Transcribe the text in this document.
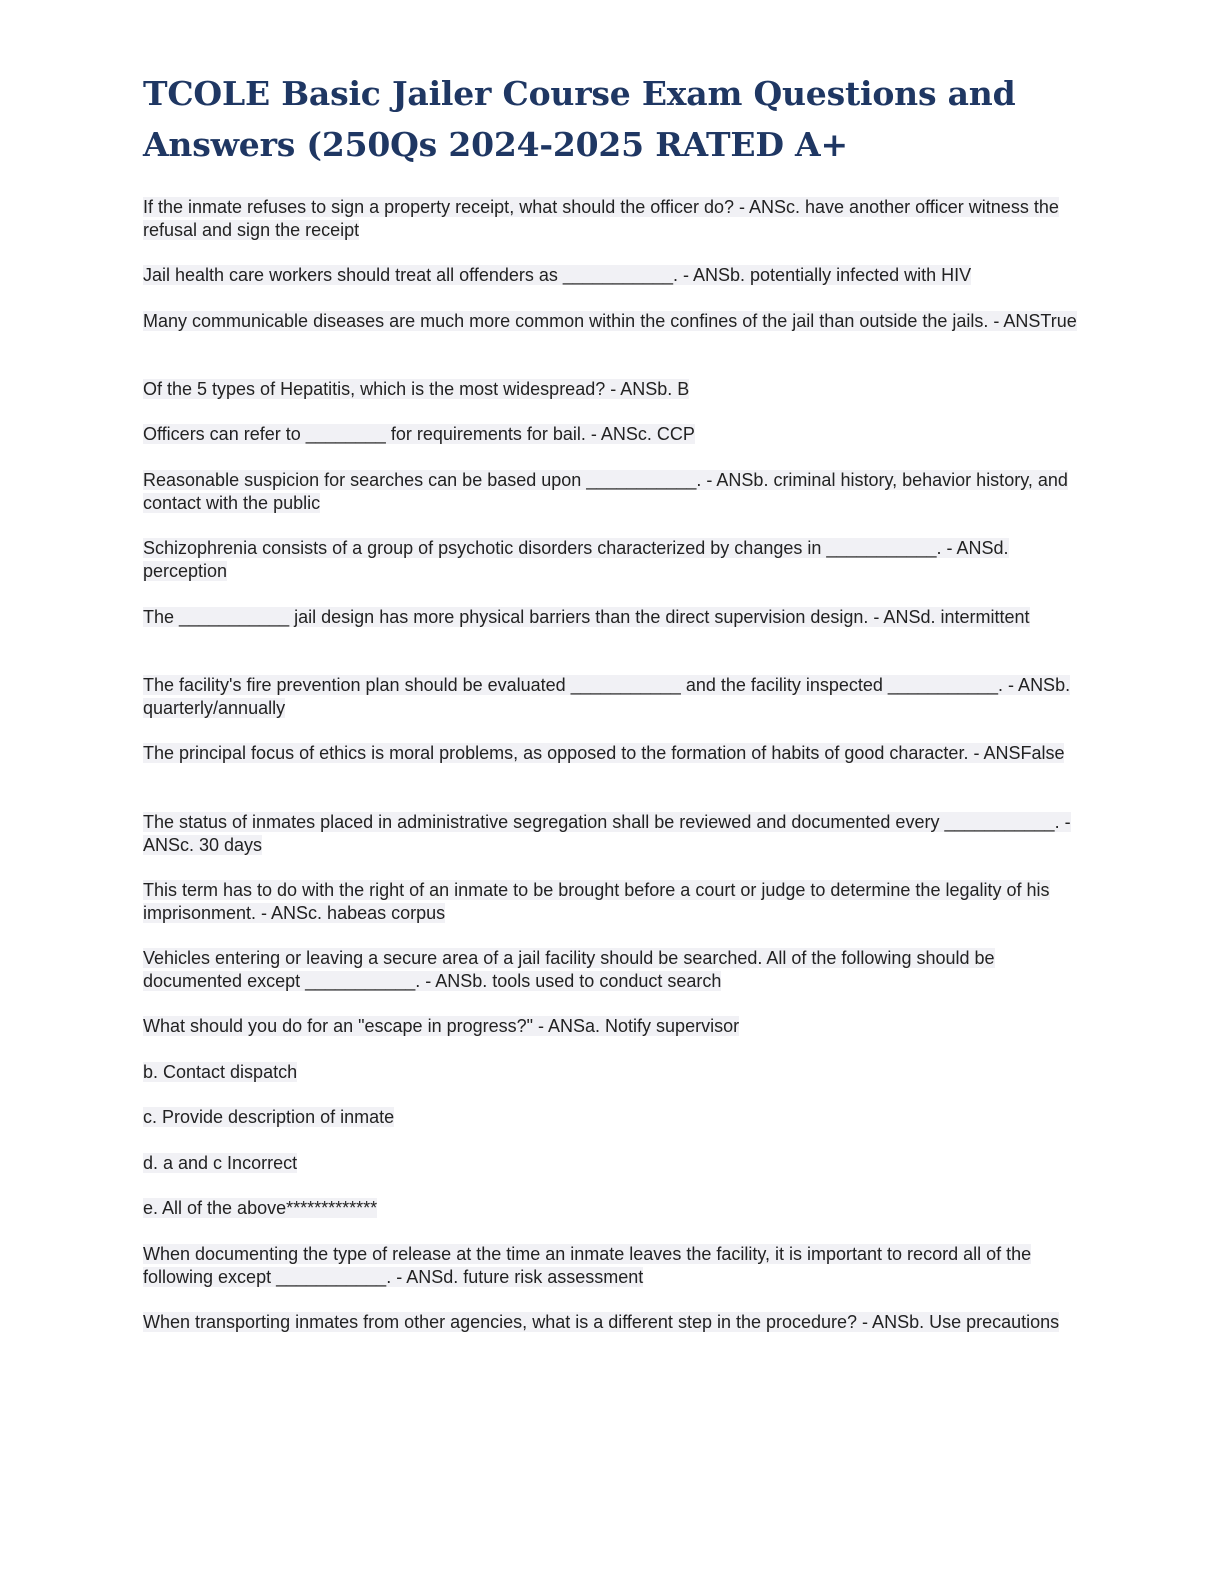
TCOLE Basic Jailer Course Exam Questions and Answers (250Qs 2024-2025 RATED A+

If the inmate refuses to sign a property receipt, what should the officer do? - ANSc. have another officer witness the refusal and sign the receipt

Jail health care workers should treat all offenders as ___________. - ANSb. potentially infected with HIV

Many communicable diseases are much more common within the confines of the jail than outside the jails. - ANSTrue

Of the 5 types of Hepatitis, which is the most widespread? - ANSb. B

Officers can refer to ________ for requirements for bail. - ANSc. CCP

Reasonable suspicion for searches can be based upon ___________. - ANSb. criminal history, behavior history, and contact with the public

Schizophrenia consists of a group of psychotic disorders characterized by changes in ___________. - ANSd. perception

The ___________ jail design has more physical barriers than the direct supervision design. - ANSd. intermittent

The facility's fire prevention plan should be evaluated ___________ and the facility inspected ___________. - ANSb. quarterly/annually

The principal focus of ethics is moral problems, as opposed to the formation of habits of good character. - ANSFalse

The status of inmates placed in administrative segregation shall be reviewed and documented every ___________. - ANSc. 30 days

This term has to do with the right of an inmate to be brought before a court or judge to determine the legality of his imprisonment. - ANSc. habeas corpus

Vehicles entering or leaving a secure area of a jail facility should be searched. All of the following should be documented except ___________. - ANSb. tools used to conduct search

What should you do for an "escape in progress?" - ANSa. Notify supervisor

b. Contact dispatch

c. Provide description of inmate

d. a and c Incorrect

e. All of the above*************

When documenting the type of release at the time an inmate leaves the facility, it is important to record all of the following except ___________. - ANSd. future risk assessment

When transporting inmates from other agencies, what is a different step in the procedure? - ANSb. Use precautions
